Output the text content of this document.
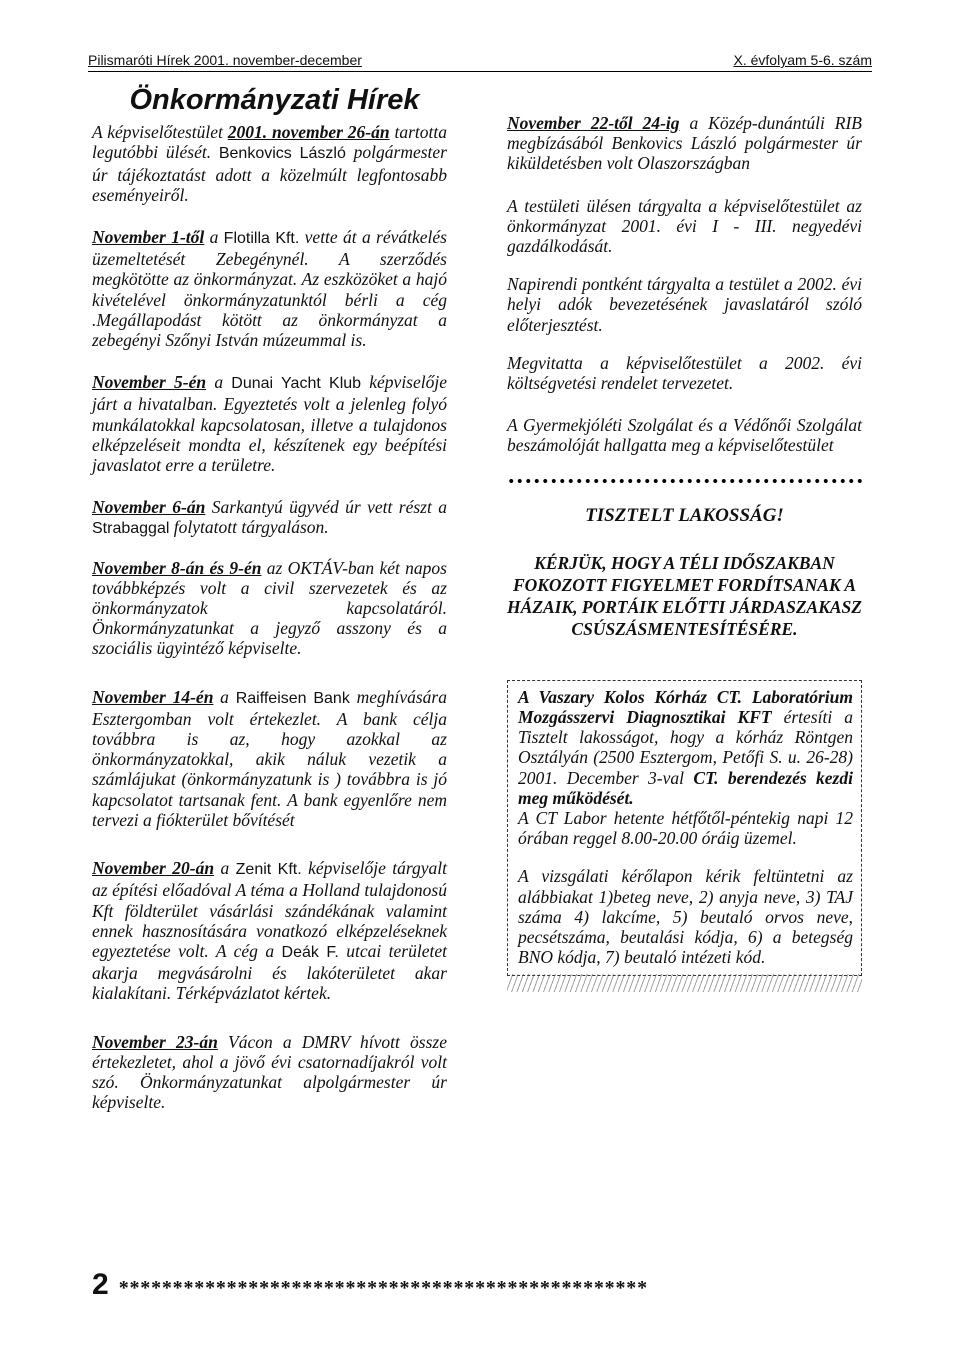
Pilismaróti Hírek 2001. november-december	X. évfolyam 5-6. szám
Önkormányzati Hírek

A képviselőtestület 2001. november 26-án tartotta legutóbbi ülését. Benkovics László polgármester úr tájékoztatást adott a közelmúlt legfontosabb eseményeiről.

November 1-től a Flotilla Kft. vette át a révátkelés üzemeltetését Zebegénynél. A szerződés megkötötte az önkormányzat. Az eszközöket a hajó kivételével önkormányzatunktól bérli a cég .Megállapodást kötött az önkormányzat a zebegényi Szőnyi István múzeummal is.

November 5-én a Dunai Yacht Klub képviselője járt a hivatalban. Egyeztetés volt a jelenleg folyó munkálatokkal kapcsolatosan, illetve a tulajdonos elképzeléseit mondta el, készítenek egy beépítési javaslatot erre a területre.

November 6-án Sarkantyú ügyvéd úr vett részt a Strabaggal folytatott tárgyaláson.

November 8-án és 9-én az OKTÁV-ban két napos továbbképzés volt a civil szervezetek és az önkormányzatok kapcsolatáról. Önkormányzatunkat a jegyző asszony és a szociális ügyintéző képviselte.

November 14-én a Raiffeisen Bank meghívására Esztergomban volt értekezlet. A bank célja továbbra is az, hogy azokkal az önkormányzatokkal, akik náluk vezetik a számlájukat (önkormányzatunk is ) továbbra is jó kapcsolatot tartsanak fent. A bank egyenlőre nem tervezi a fiókterület bővítését

November 20-án a Zenit Kft. képviselője tárgyalt az építési előadóval A téma a Holland tulajdonosú Kft földterület vásárlási szándékának valamint ennek hasznosítására vonatkozó elképzeléseknek egyeztetése volt. A cég a Deák F. utcai területet akarja megvásárolni és lakóterületet akar kialakítani. Térképvázlatot kértek.

November 23-án Vácon a DMRV hívott össze értekezletet, ahol a jövő évi csatornadíjakról volt szó. Önkormányzatunkat alpolgármester úr képviselte.

November 22-től 24-ig a Közép-dunántúli RIB megbízásából Benkovics László polgármester úr kiküldetésben volt Olaszországban

A testületi ülésen tárgyalta a képviselőtestület az önkormányzat 2001. évi I - III. negyedévi gazdálkodását.

Napirendi pontként tárgyalta a testület a 2002. évi helyi adók bevezetésének javaslatáról szóló előterjesztést.

Megvitatta a képviselőtestület a 2002. évi költségvetési rendelet tervezetet.

A Gyermekjóléti Szolgálat és a Védőnői Szolgálat beszámolóját hallgatta meg a képviselőtestület

TISZTELT LAKOSSÁG!
KÉRJÜK, HOGY A TÉLI IDŐSZAKBAN FOKOZOTT FIGYELMET FORDÍTSANAK A HÁZAIK, PORTÁIK ELŐTTI JÁRDASZAKASZ CSÚSZÁSMENTESÍTÉSÉRE.

A Vaszary Kolos Kórház CT. Laboratórium Mozgásszervi Diagnosztikai KFT értesíti a Tisztelt lakosságot, hogy a kórház Röntgen Osztályán (2500 Esztergom, Petőfi S. u. 26-28) 2001. December 3-val CT. berendezés kezdi meg működését.

A CT Labor hetente hétfőtől-péntekig napi 12 órában reggel 8.00-20.00 óráig üzemel.

A vizsgálati kérőlapon kérik feltüntetni az alábbiakat 1)beteg neve, 2) anyja neve, 3) TAJ száma 4) lakcíme, 5) beutaló orvos neve, pecsétszáma, beutalási kódja, 6) a betegség BNO kódja, 7) beutaló intézeti kód.

2 *************************************************
